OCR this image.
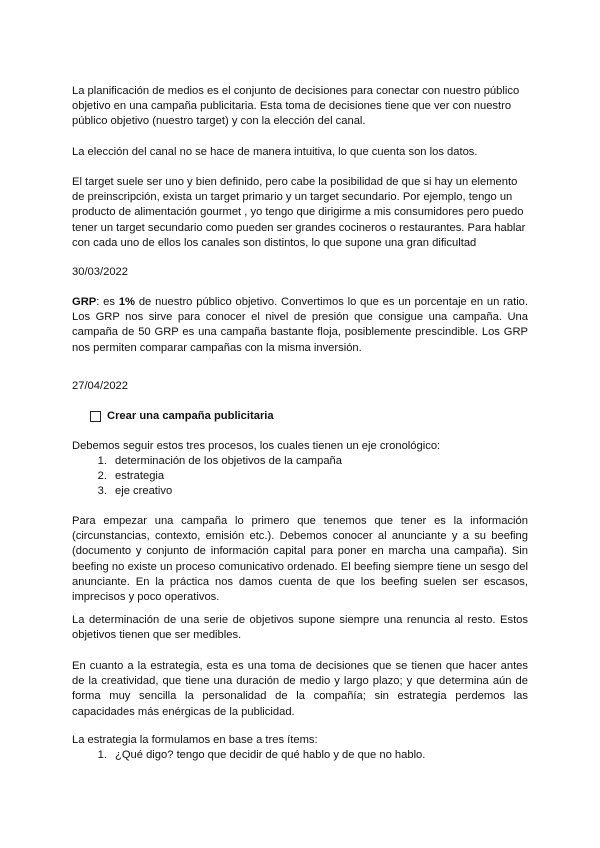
La planificación de medios es el conjunto de decisiones para conectar con nuestro público objetivo en una campaña publicitaria. Esta toma de decisiones tiene que ver con nuestro público objetivo (nuestro target) y con la elección del canal.

La elección del canal no se hace de manera intuitiva, lo que cuenta son los datos.

El target suele ser uno y bien definido, pero cabe la posibilidad de que si hay un elemento de preinscripción, exista un target primario y un target secundario. Por ejemplo, tengo un producto de alimentación gourmet , yo tengo que dirigirme a mis consumidores pero puedo tener un target secundario como pueden ser grandes cocineros o restaurantes. Para hablar con cada uno de ellos los canales son distintos, lo que supone una gran dificultad

30/03/2022

GRP: es 1% de nuestro público objetivo. Convertimos lo que es un porcentaje en un ratio. Los GRP nos sirve para conocer el nivel de presión que consigue una campaña. Una campaña de 50 GRP es una campaña bastante floja, posiblemente prescindible. Los GRP nos permiten comparar campañas con la misma inversión.

27/04/2022

Crear una campaña publicitaria

Debemos seguir estos tres procesos, los cuales tienen un eje cronológico:

1. determinación de los objetivos de la campaña
2. estrategia
3. eje creativo

Para empezar una campaña lo primero que tenemos que tener es la información (circunstancias, contexto, emisión etc.). Debemos conocer al anunciante y a su beefing (documento y conjunto de información capital para poner en marcha una campaña). Sin beefing no existe un proceso comunicativo ordenado. El beefing siempre tiene un sesgo del anunciante. En la práctica nos damos cuenta de que los beefing suelen ser escasos, imprecisos y poco operativos.

La determinación de una serie de objetivos supone siempre una renuncia al resto. Estos objetivos tienen que ser medibles.

En cuanto a la estrategia, esta es una toma de decisiones que se tienen que hacer antes de la creatividad, que tiene una duración de medio y largo plazo; y que determina aún de forma muy sencilla la personalidad de la compañía; sin estrategia perdemos las capacidades más enérgicas de la publicidad.

La estrategia la formulamos en base a tres ítems:

1. ¿Qué digo? tengo que decidir de qué hablo y de que no hablo.
